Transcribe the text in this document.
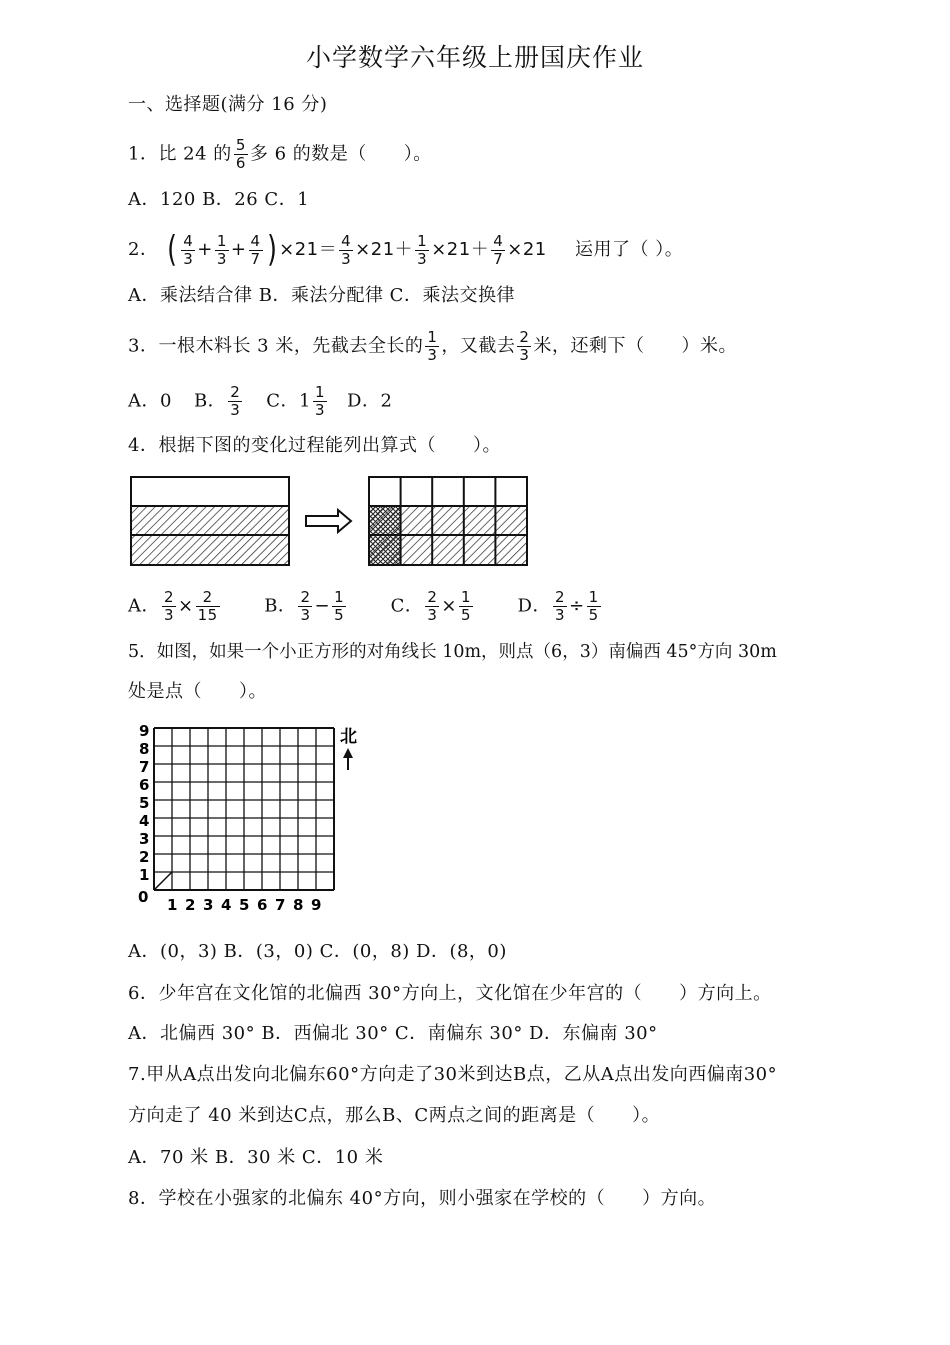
小学数学六年级上册国庆作业
一、选择题(满分 16 分)
1．比 24 的 $\frac{5}{6}$ 多 6 的数是（　　）。
A．120 B．26 C．1
2． ( $\frac{4}{3} + \frac{1}{3} + \frac{4}{7}$ ) $\times 21= \frac{4}{3} \times 21+ \frac{1}{3} \times 21+ \frac{4}{7} \times 21$ 运用了（ ）。
A．乘法结合律 B．乘法分配律 C．乘法交换律
3．一根木料长 3 米，先截去全长的 $\frac{1}{3}$ ，又截去 $\frac{2}{3}$ 米，还剩下（　　）米。
A．0 B． $\frac{2}{3}$ C．$1 \frac{1}{3}$ D．2
4．根据下图的变化过程能列出算式（　　）。
A． $\frac{2}{3} \times \frac{2}{15}$ B． $\frac{2}{3} - \frac{1}{5}$ C． $\frac{2}{3} \times \frac{1}{5}$ D． $\frac{2}{3} \div \frac{1}{5}$
5．如图，如果一个小正方形的对角线长 10m，则点（6，3）南偏西 45°方向 30m
处是点（　　）。
9
8
7
6
5
4
3
2
1
1 2 3 4 5 6 7 8 9
北
0
A．(0，3) B．(3，0) C．(0，8) D．(8，0)
6．少年宫在文化馆的北偏西 30°方向上，文化馆在少年宫的（　　）方向上。
A．北偏西 30° B．西偏北 30° C．南偏东 30° D．东偏南 30°
7.甲从A点出发向北偏东60°方向走了30米到达B点，乙从A点出发向西偏南30°
方向走了 40 米到达C点，那么B、C两点之间的距离是（　　）。
A．70 米 B．30 米 C．10 米
8．学校在小强家的北偏东 40°方向，则小强家在学校的（　　）方向。
